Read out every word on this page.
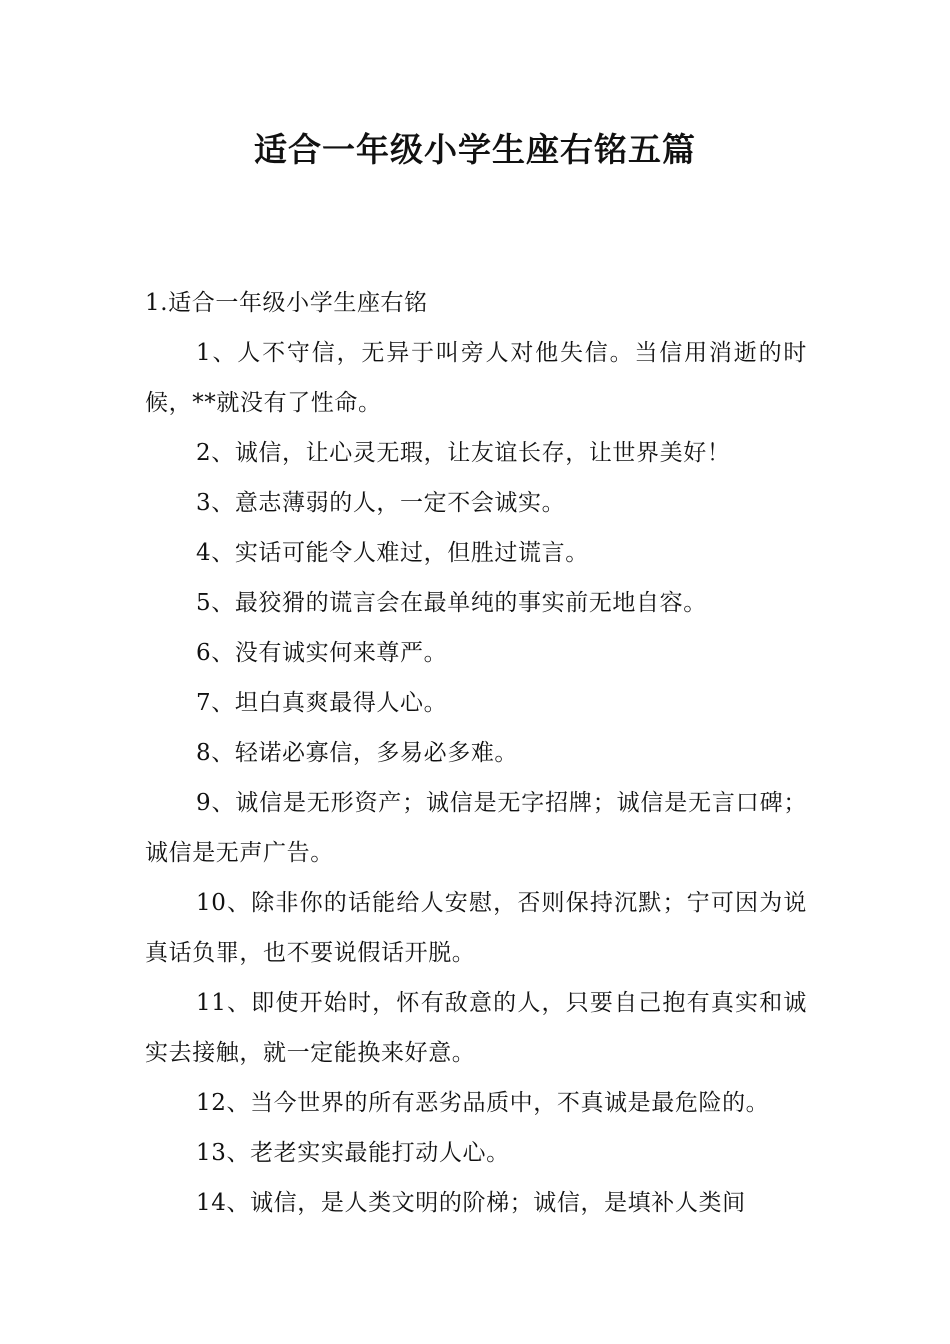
适合一年级小学生座右铭五篇

1.适合一年级小学生座右铭

1、人不守信，无异于叫旁人对他失信。当信用消逝的时候，**就没有了性命。

2、诚信，让心灵无瑕，让友谊长存，让世界美好！

3、意志薄弱的人，一定不会诚实。

4、实话可能令人难过，但胜过谎言。

5、最狡猾的谎言会在最单纯的事实前无地自容。

6、没有诚实何来尊严。

7、坦白真爽最得人心。

8、轻诺必寡信，多易必多难。

9、诚信是无形资产；诚信是无字招牌；诚信是无言口碑；诚信是无声广告。

10、除非你的话能给人安慰，否则保持沉默；宁可因为说真话负罪，也不要说假话开脱。

11、即使开始时，怀有敌意的人，只要自己抱有真实和诚实去接触，就一定能换来好意。

12、当今世界的所有恶劣品质中，不真诚是最危险的。

13、老老实实最能打动人心。

14、诚信，是人类文明的阶梯；诚信，是填补人类间
